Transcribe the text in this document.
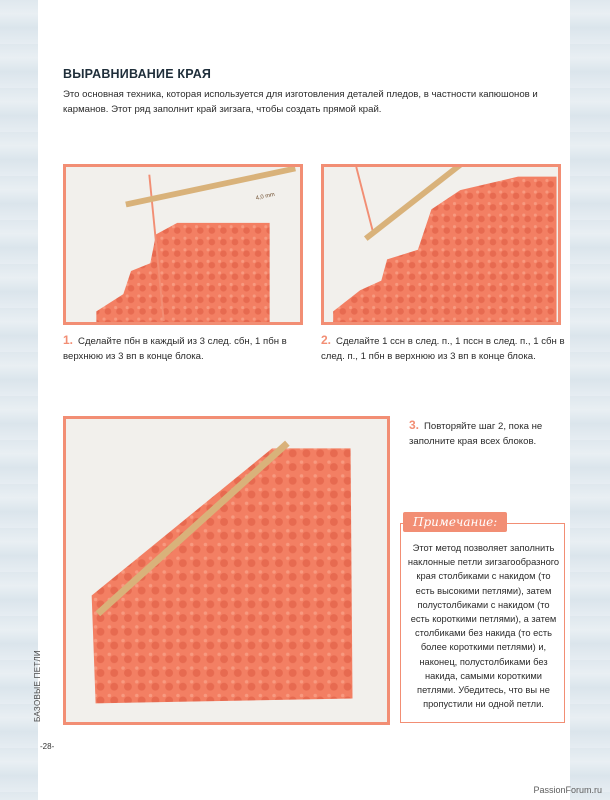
ВЫРАВНИВАНИЕ КРАЯ
Это основная техника, которая используется для изготовления деталей пледов, в частности капюшонов и карманов. Этот ряд заполнит край зигзага, чтобы создать прямой край.
4,0 mm
1. Сделайте пбн в каждый из 3 след. сбн, 1 пбн в верхнюю из 3 вп в конце блока.
2. Сделайте 1 ссн в след. п., 1 пссн в след. п., 1 сбн в след. п., 1 пбн в верхнюю из 3 вп в конце блока.
3. Повторяйте шаг 2, пока не заполните края всех блоков.
Примечание:
Этот метод позволяет заполнить наклонные петли зигзагообразного края столбиками с накидом (то есть высокими петлями), затем полустолбиками с накидом (то есть короткими петлями), а затем столбиками без накида (то есть более короткими петлями) и, наконец, полустолбиками без накида, самыми короткими петлями. Убедитесь, что вы не пропустили ни одной петли.
БАЗОВЫЕ ПЕТЛИ
-28-
PassionForum.ru
